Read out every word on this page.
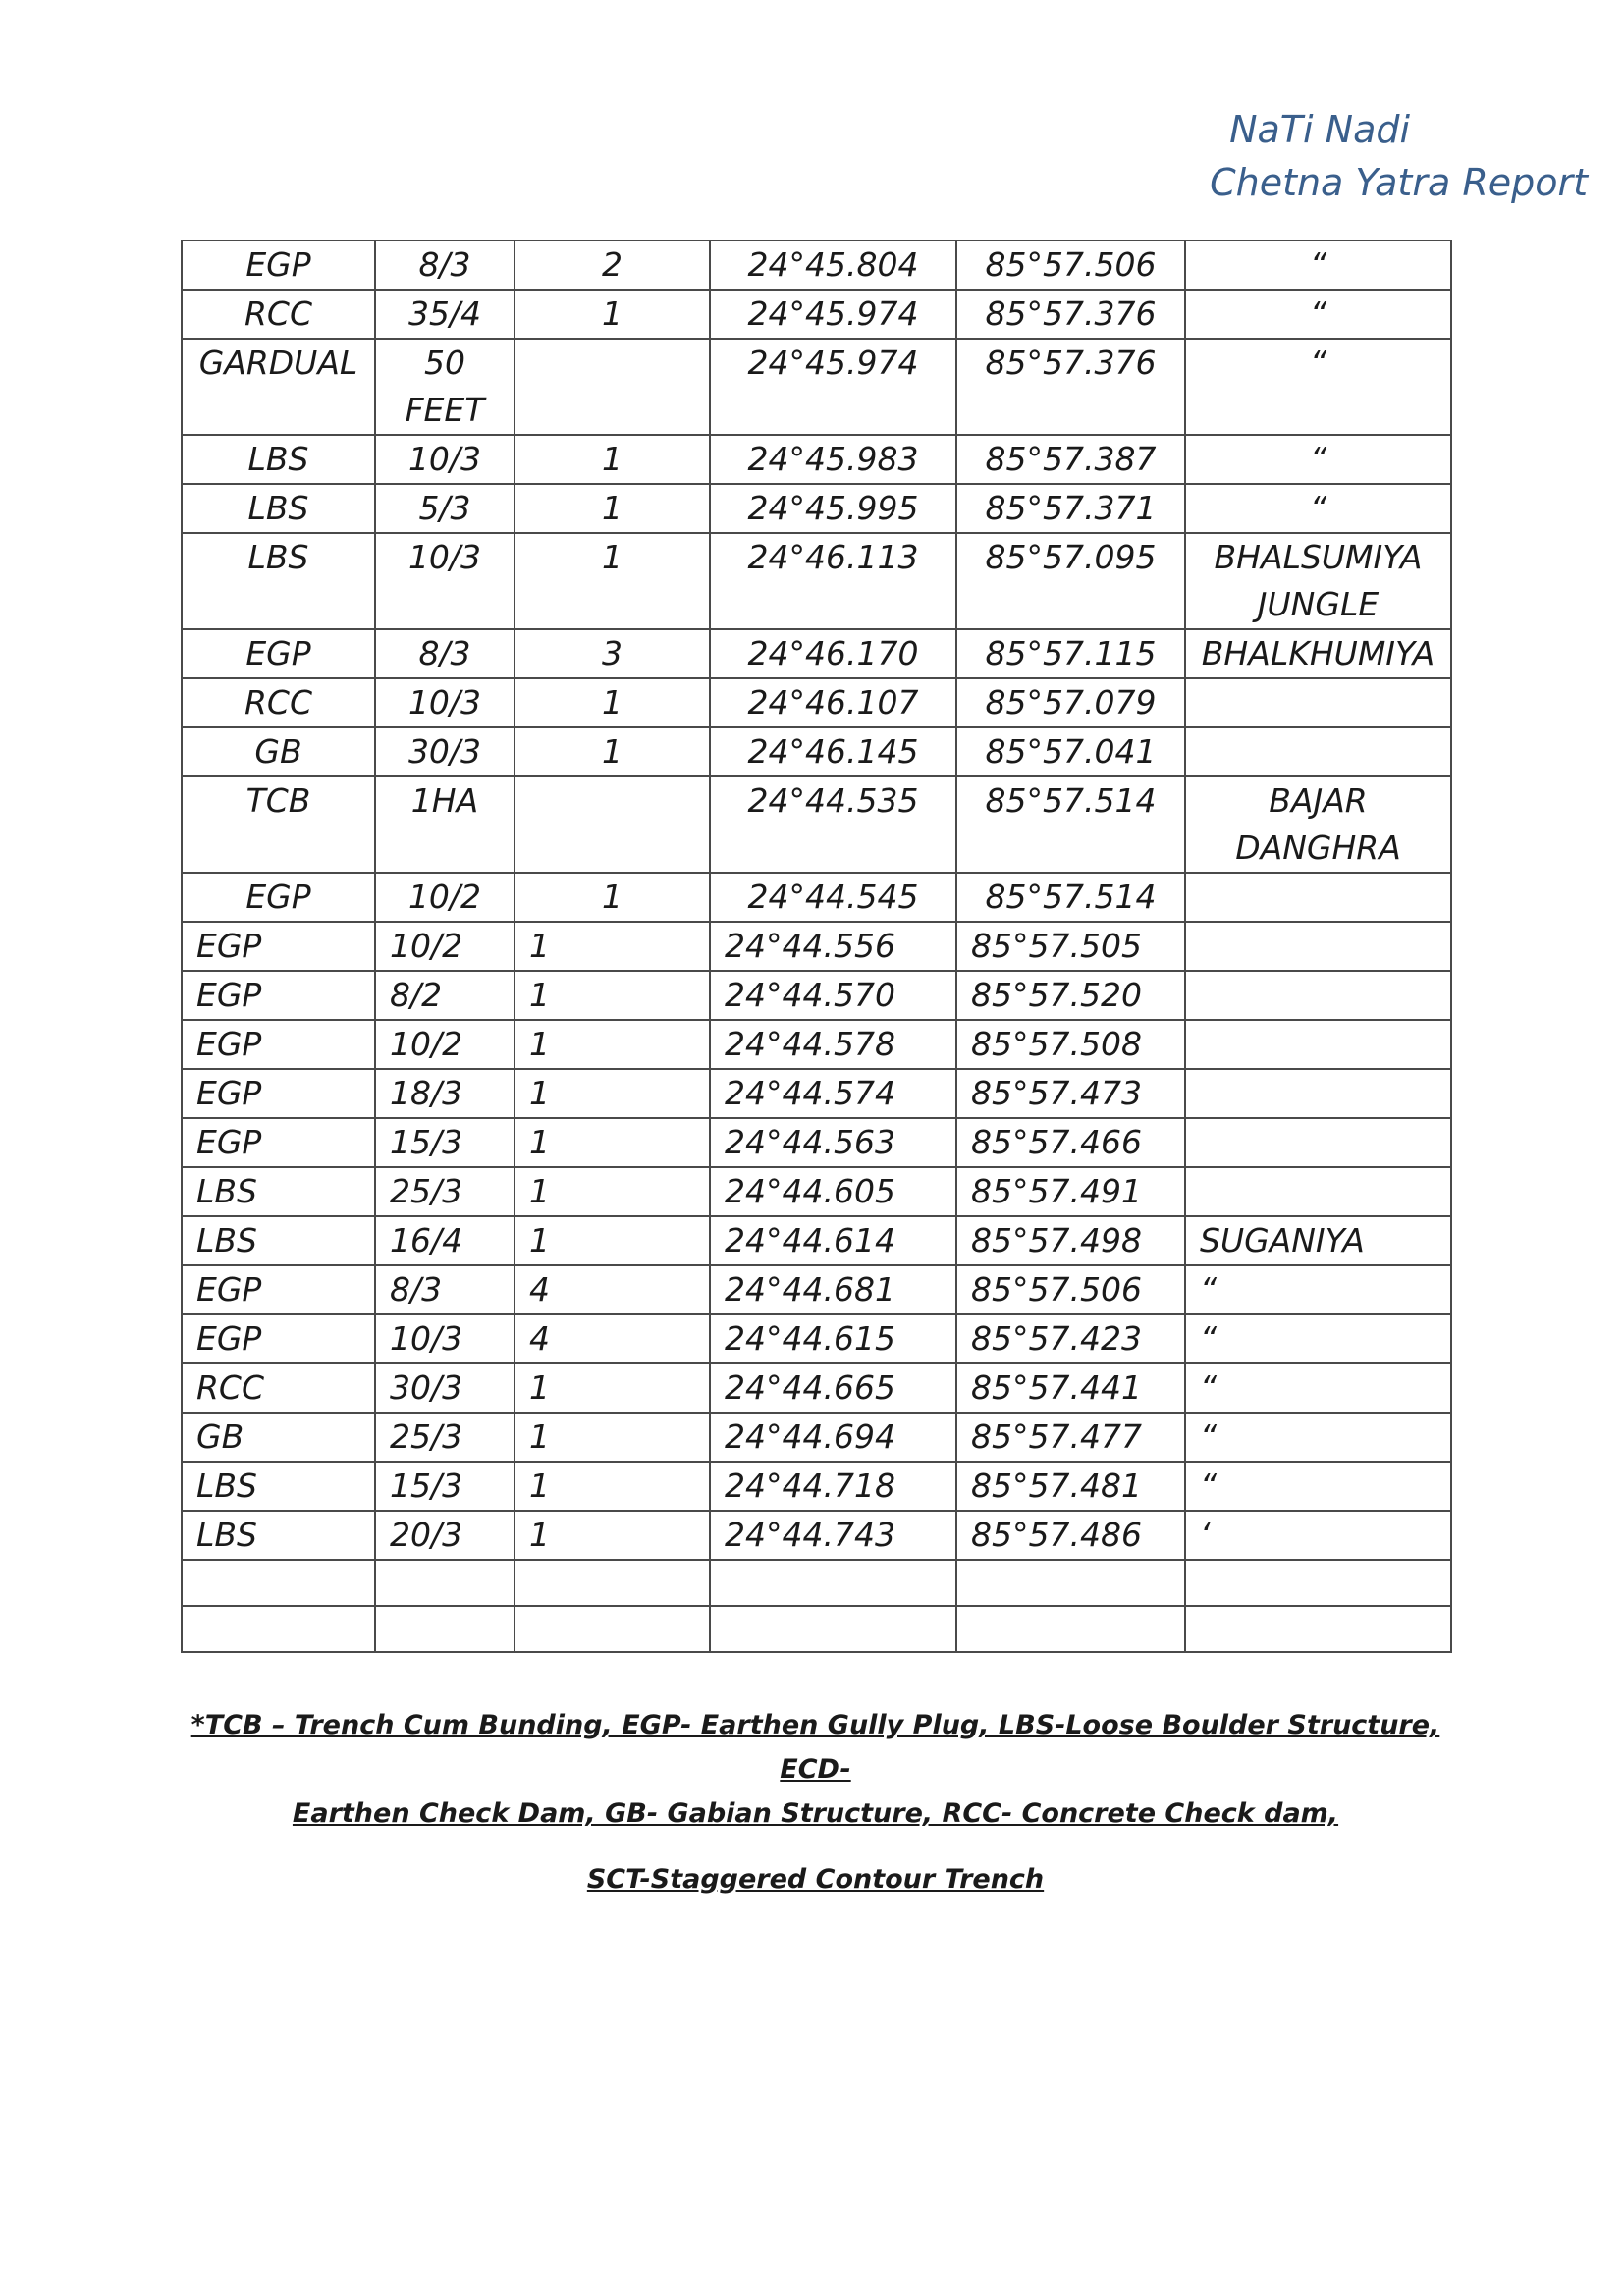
NaTi Nadi
Chetna Yatra Report
EGP	8/3	2	24°45.804	85°57.506	“
RCC	35/4	1	24°45.974	85°57.376	“
GARDUAL	50 FEET		24°45.974	85°57.376	“
LBS	10/3	1	24°45.983	85°57.387	“
LBS	5/3	1	24°45.995	85°57.371	“
LBS	10/3	1	24°46.113	85°57.095	BHALSUMIYA JUNGLE
EGP	8/3	3	24°46.170	85°57.115	BHALKHUMIYA
RCC	10/3	1	24°46.107	85°57.079	
GB	30/3	1	24°46.145	85°57.041	
TCB	1HA		24°44.535	85°57.514	BAJAR DANGHRA
EGP	10/2	1	24°44.545	85°57.514	
EGP	10/2	1	24°44.556	85°57.505	
EGP	8/2	1	24°44.570	85°57.520	
EGP	10/2	1	24°44.578	85°57.508	
EGP	18/3	1	24°44.574	85°57.473	
EGP	15/3	1	24°44.563	85°57.466	
LBS	25/3	1	24°44.605	85°57.491	
LBS	16/4	1	24°44.614	85°57.498	SUGANIYA
EGP	8/3	4	24°44.681	85°57.506	“
EGP	10/3	4	24°44.615	85°57.423	“
RCC	30/3	1	24°44.665	85°57.441	“
GB	25/3	1	24°44.694	85°57.477	“
LBS	15/3	1	24°44.718	85°57.481	“
LBS	20/3	1	24°44.743	85°57.486	‘

*TCB – Trench Cum Bunding, EGP- Earthen Gully Plug, LBS-Loose Boulder Structure, ECD-
Earthen Check Dam, GB- Gabian Structure, RCC- Concrete Check dam,
SCT-Staggered Contour Trench
